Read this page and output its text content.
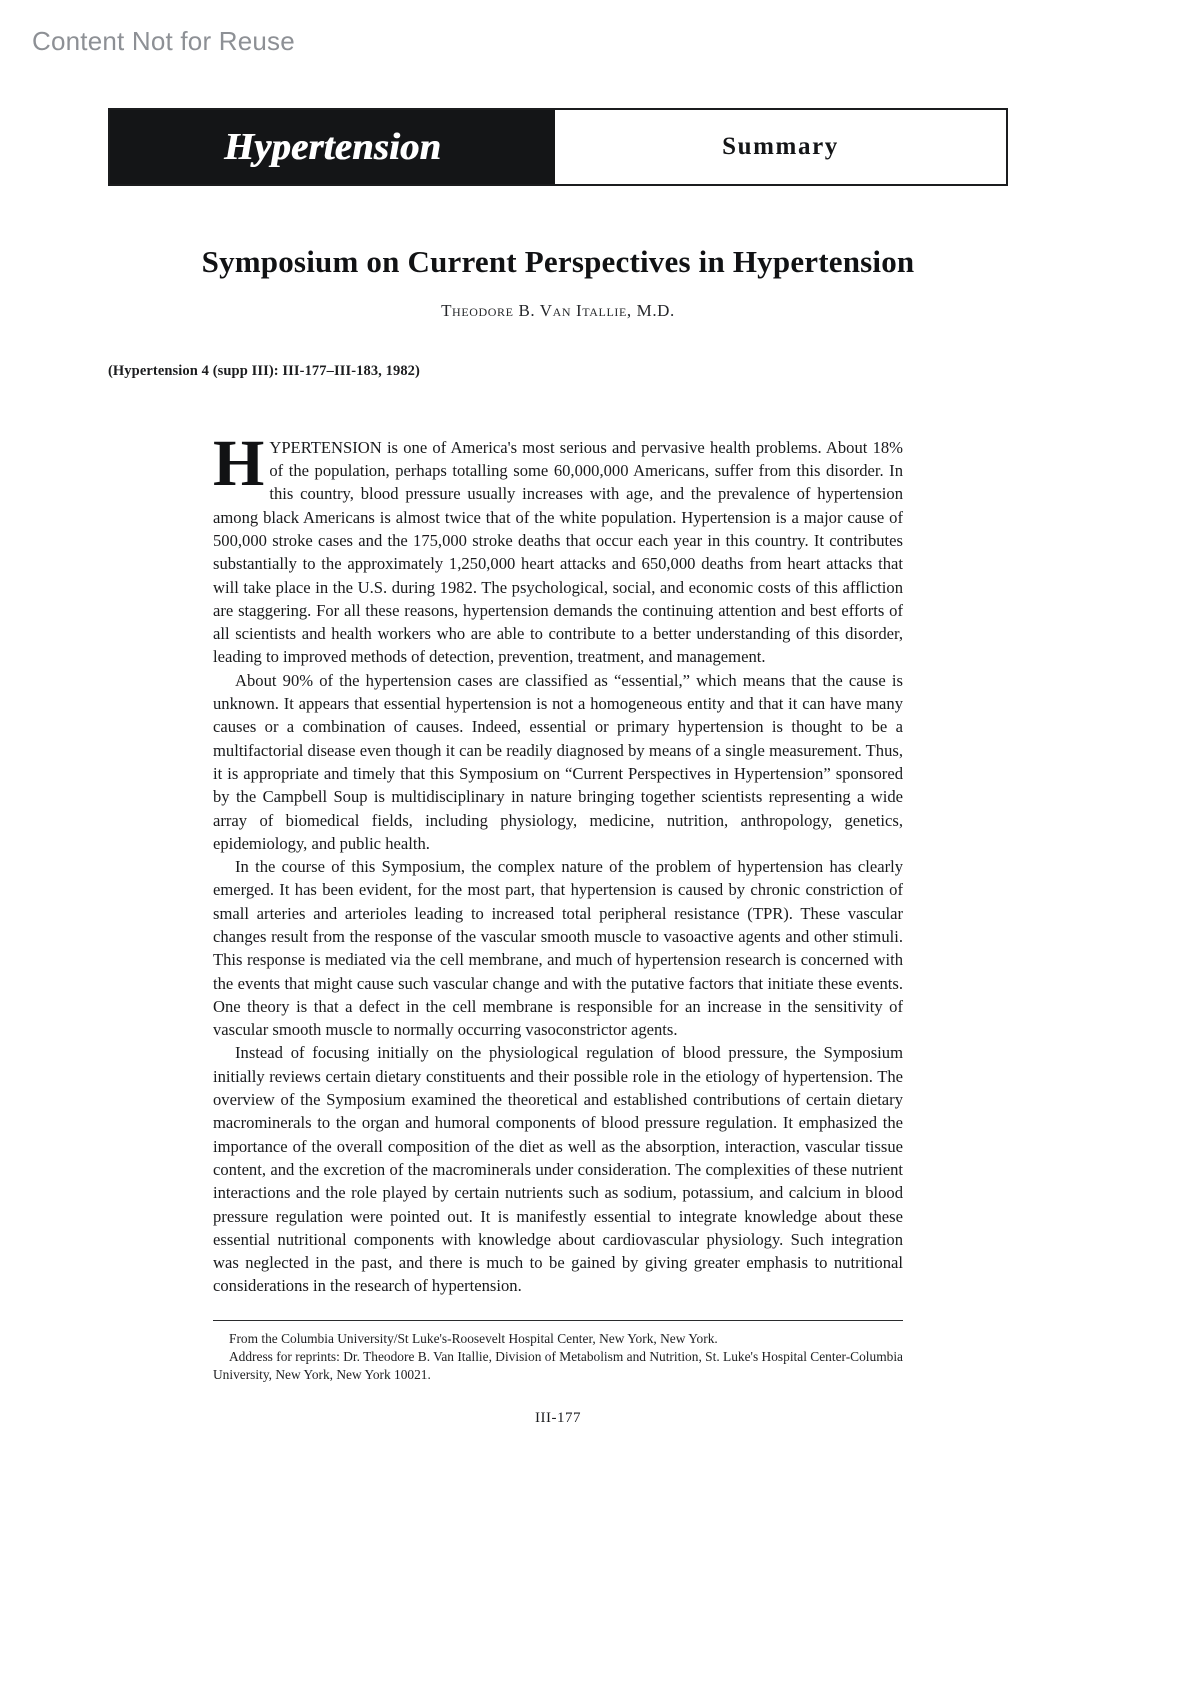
Content Not for Reuse
Hypertension	Summary
Symposium on Current Perspectives in Hypertension
Theodore B. Van Itallie, M.D.
(Hypertension 4 (supp III): III-177–III-183, 1982)

HYPERTENSION is one of America's most serious and pervasive health problems. About 18% of the population, perhaps totalling some 60,000,000 Americans, suffer from this disorder. In this country, blood pressure usually increases with age, and the prevalence of hypertension among black Americans is almost twice that of the white population. Hypertension is a major cause of 500,000 stroke cases and the 175,000 stroke deaths that occur each year in this country. It contributes substantially to the approximately 1,250,000 heart attacks and 650,000 deaths from heart attacks that will take place in the U.S. during 1982. The psychological, social, and economic costs of this affliction are staggering. For all these reasons, hypertension demands the continuing attention and best efforts of all scientists and health workers who are able to contribute to a better understanding of this disorder, leading to improved methods of detection, prevention, treatment, and management.

About 90% of the hypertension cases are classified as “essential,” which means that the cause is unknown. It appears that essential hypertension is not a homogeneous entity and that it can have many causes or a combination of causes. Indeed, essential or primary hypertension is thought to be a multifactorial disease even though it can be readily diagnosed by means of a single measurement. Thus, it is appropriate and timely that this Symposium on “Current Perspectives in Hypertension” sponsored by the Campbell Soup is multidisciplinary in nature bringing together scientists representing a wide array of biomedical fields, including physiology, medicine, nutrition, anthropology, genetics, epidemiology, and public health.

In the course of this Symposium, the complex nature of the problem of hypertension has clearly emerged. It has been evident, for the most part, that hypertension is caused by chronic constriction of small arteries and arterioles leading to increased total peripheral resistance (TPR). These vascular changes result from the response of the vascular smooth muscle to vasoactive agents and other stimuli. This response is mediated via the cell membrane, and much of hypertension research is concerned with the events that might cause such vascular change and with the putative factors that initiate these events. One theory is that a defect in the cell membrane is responsible for an increase in the sensitivity of vascular smooth muscle to normally occurring vasoconstrictor agents.

Instead of focusing initially on the physiological regulation of blood pressure, the Symposium initially reviews certain dietary constituents and their possible role in the etiology of hypertension. The overview of the Symposium examined the theoretical and established contributions of certain dietary macrominerals to the organ and humoral components of blood pressure regulation. It emphasized the importance of the overall composition of the diet as well as the absorption, interaction, vascular tissue content, and the excretion of the macrominerals under consideration. The complexities of these nutrient interactions and the role played by certain nutrients such as sodium, potassium, and calcium in blood pressure regulation were pointed out. It is manifestly essential to integrate knowledge about these essential nutritional components with knowledge about cardiovascular physiology. Such integration was neglected in the past, and there is much to be gained by giving greater emphasis to nutritional considerations in the research of hypertension.

From the Columbia University/St Luke's-Roosevelt Hospital Center, New York, New York.

Address for reprints: Dr. Theodore B. Van Itallie, Division of Metabolism and Nutrition, St. Luke's Hospital Center-Columbia University, New York, New York 10021.

III-177
